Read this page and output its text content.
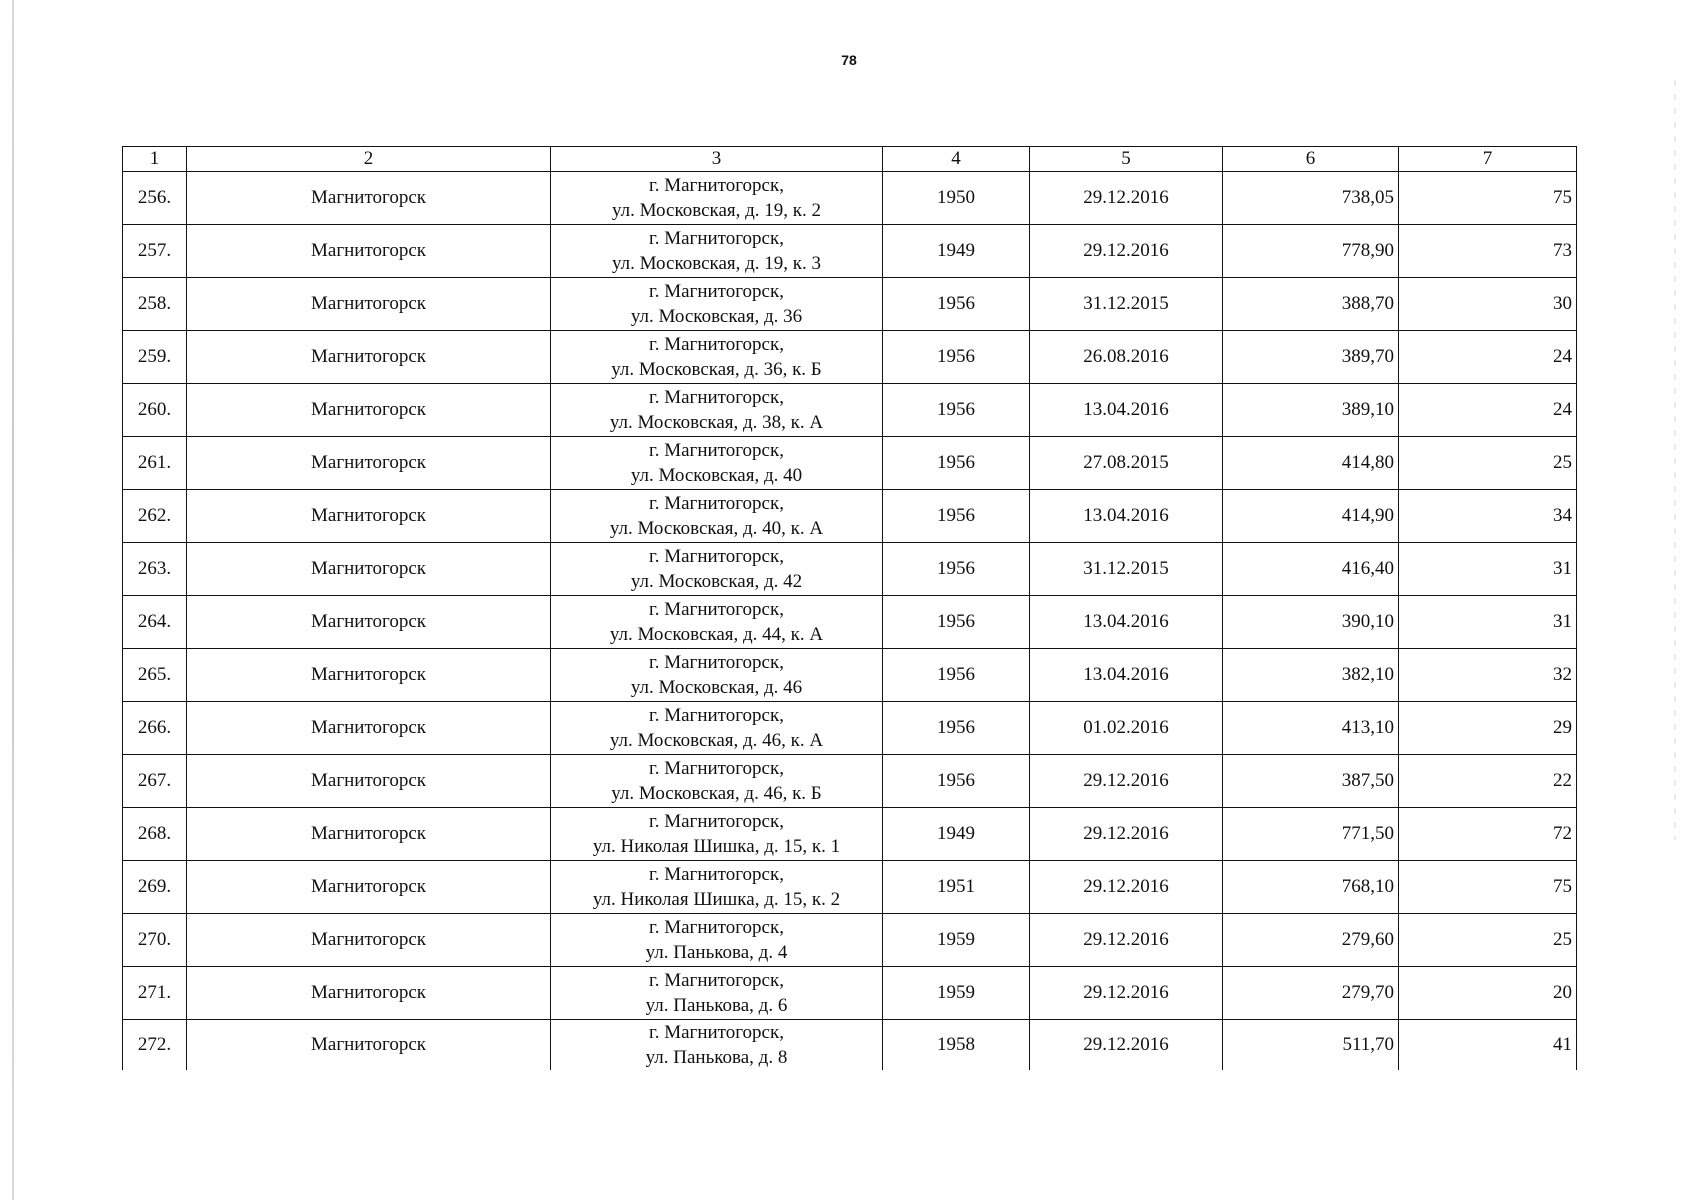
78
1	2	3	4	5	6	7
256.	Магнитогорск	г. Магнитогорск,
ул. Московская, д. 19, к. 2	1950	29.12.2016	738,05	75
257.	Магнитогорск	г. Магнитогорск,
ул. Московская, д. 19, к. 3	1949	29.12.2016	778,90	73
258.	Магнитогорск	г. Магнитогорск,
ул. Московская, д. 36	1956	31.12.2015	388,70	30
259.	Магнитогорск	г. Магнитогорск,
ул. Московская, д. 36, к. Б	1956	26.08.2016	389,70	24
260.	Магнитогорск	г. Магнитогорск,
ул. Московская, д. 38, к. А	1956	13.04.2016	389,10	24
261.	Магнитогорск	г. Магнитогорск,
ул. Московская, д. 40	1956	27.08.2015	414,80	25
262.	Магнитогорск	г. Магнитогорск,
ул. Московская, д. 40, к. А	1956	13.04.2016	414,90	34
263.	Магнитогорск	г. Магнитогорск,
ул. Московская, д. 42	1956	31.12.2015	416,40	31
264.	Магнитогорск	г. Магнитогорск,
ул. Московская, д. 44, к. А	1956	13.04.2016	390,10	31
265.	Магнитогорск	г. Магнитогорск,
ул. Московская, д. 46	1956	13.04.2016	382,10	32
266.	Магнитогорск	г. Магнитогорск,
ул. Московская, д. 46, к. А	1956	01.02.2016	413,10	29
267.	Магнитогорск	г. Магнитогорск,
ул. Московская, д. 46, к. Б	1956	29.12.2016	387,50	22
268.	Магнитогорск	г. Магнитогорск,
ул. Николая Шишка, д. 15, к. 1	1949	29.12.2016	771,50	72
269.	Магнитогорск	г. Магнитогорск,
ул. Николая Шишка, д. 15, к. 2	1951	29.12.2016	768,10	75
270.	Магнитогорск	г. Магнитогорск,
ул. Панькова, д. 4	1959	29.12.2016	279,60	25
271.	Магнитогорск	г. Магнитогорск,
ул. Панькова, д. 6	1959	29.12.2016	279,70	20
272.	Магнитогорск	г. Магнитогорск,
ул. Панькова, д. 8	1958	29.12.2016	511,70	41
